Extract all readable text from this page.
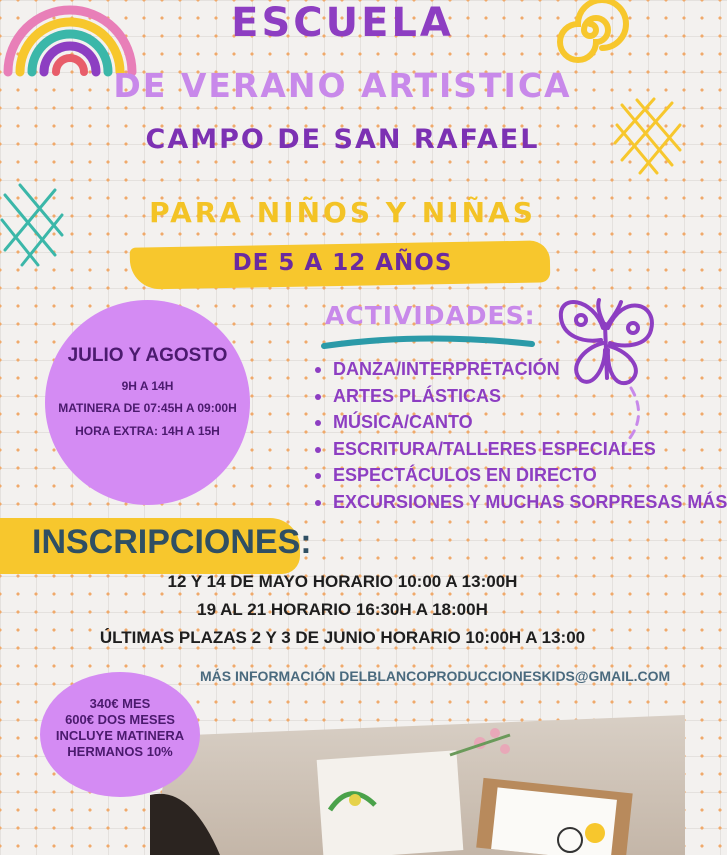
ESCUELA
DE VERANO ARTISTICA
CAMPO DE SAN RAFAEL
PARA NIÑOS Y NIÑAS
DE 5 A 12 AÑOS
JULIO Y AGOSTO
9H A 14H
MATINERA DE 07:45H A 09:00H
HORA EXTRA: 14H A 15H
ACTIVIDADES:
DANZA/INTERPRETACIÓN
ARTES PLÁSTICAS
MÚSICA/CANTO
ESCRITURA/TALLERES ESPECIALES
ESPECTÁCULOS EN DIRECTO
EXCURSIONES Y MUCHAS SORPRESAS MÁS
INSCRIPCIONES:
12 Y 14 DE MAYO HORARIO 10:00 A 13:00H
19 AL 21 HORARIO 16:30H A 18:00H
ÚLTIMAS PLAZAS 2 Y 3 DE JUNIO HORARIO 10:00H A 13:00
MÁS INFORMACIÓN DELBLANCOPRODUCCIONESKIDS@GMAIL.COM
340€ MES
600€ DOS MESES
INCLUYE MATINERA
HERMANOS 10%
